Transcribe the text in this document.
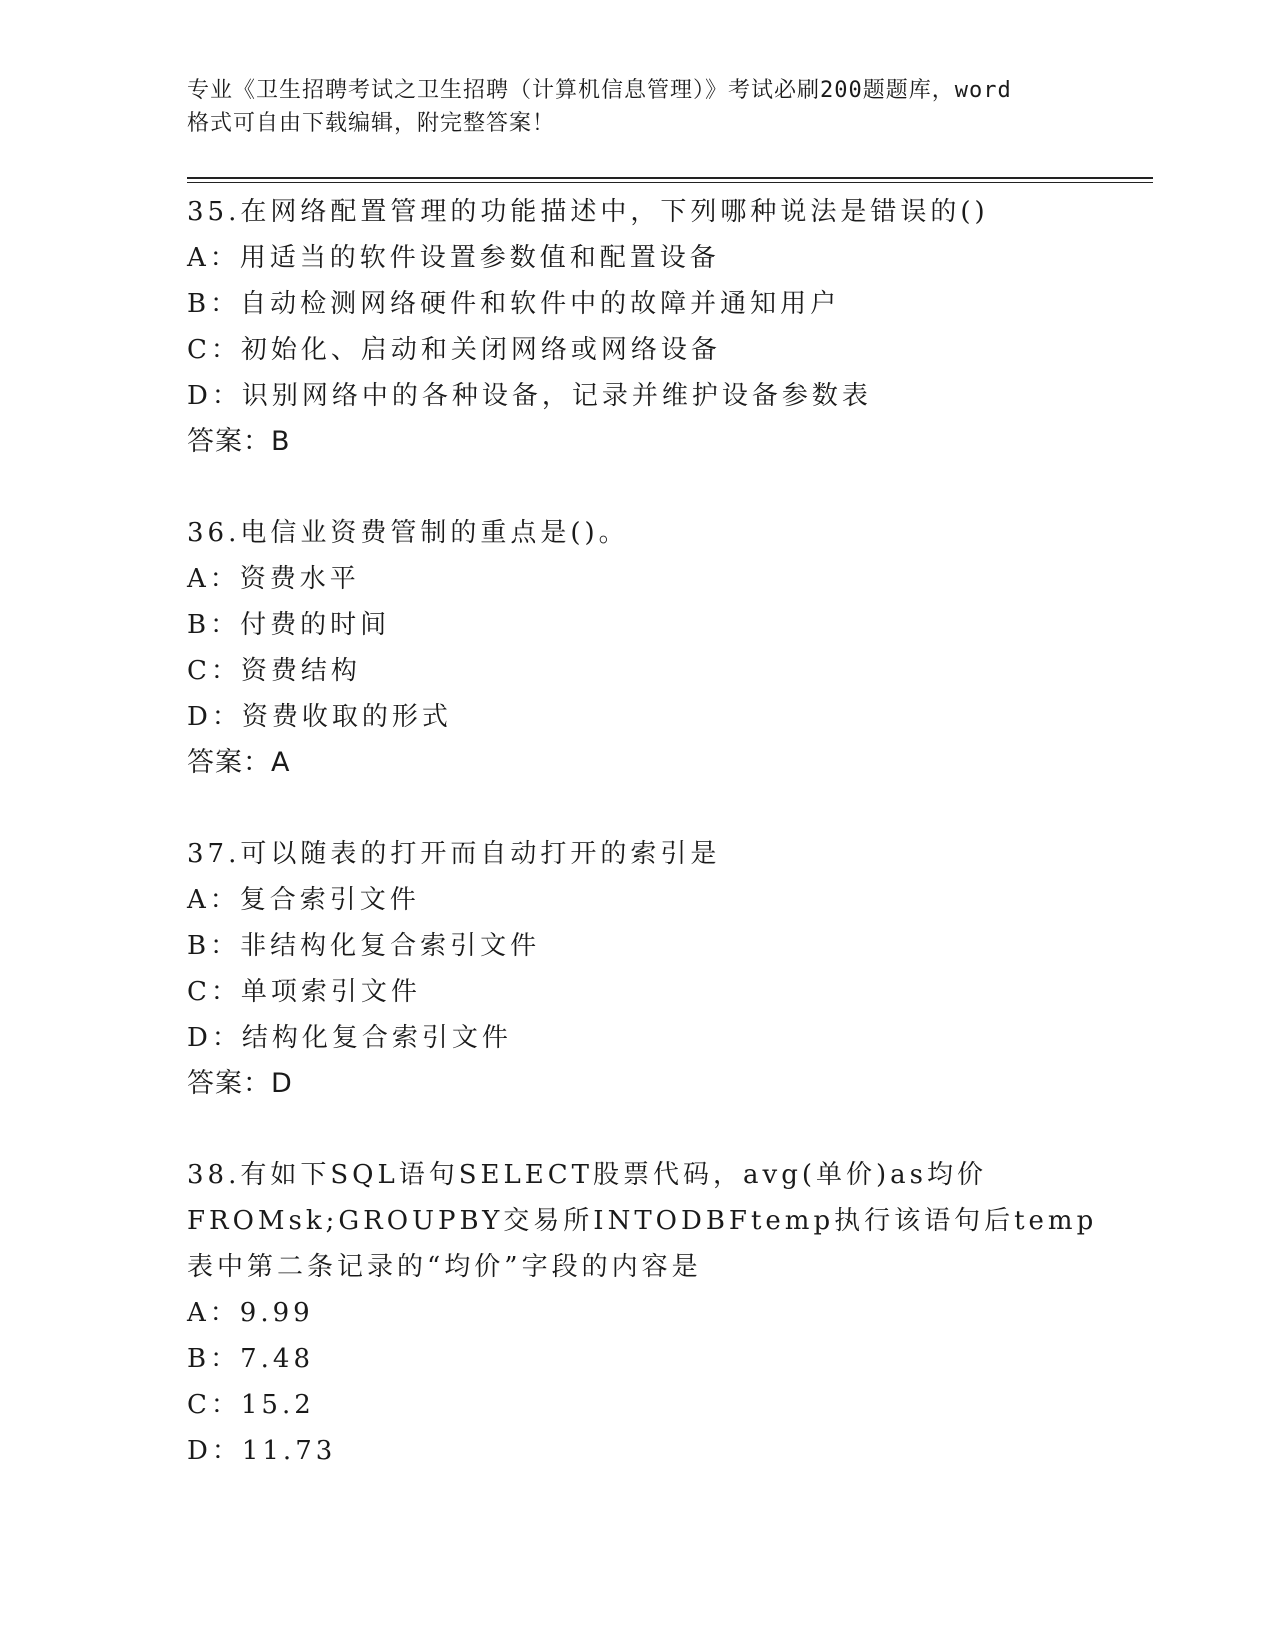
专业《卫生招聘考试之卫生招聘（计算机信息管理）》考试必刷200题题库，word
格式可自由下载编辑，附完整答案！
35.在网络配置管理的功能描述中，下列哪种说法是错误的()
A：用适当的软件设置参数值和配置设备
B：自动检测网络硬件和软件中的故障并通知用户
C：初始化、启动和关闭网络或网络设备
D：识别网络中的各种设备，记录并维护设备参数表
答案：B
36.电信业资费管制的重点是()。
A：资费水平
B：付费的时间
C：资费结构
D：资费收取的形式
答案：A
37.可以随表的打开而自动打开的索引是
A：复合索引文件
B：非结构化复合索引文件
C：单项索引文件
D：结构化复合索引文件
答案：D
38.有如下SQL语句SELECT股票代码，avg(单价)as均价FROMsk;GROUPBY交易所INTODBFtemp执行该语句后temp表中第二条记录的“均价”字段的内容是
A：9.99
B：7.48
C：15.2
D：11.73
